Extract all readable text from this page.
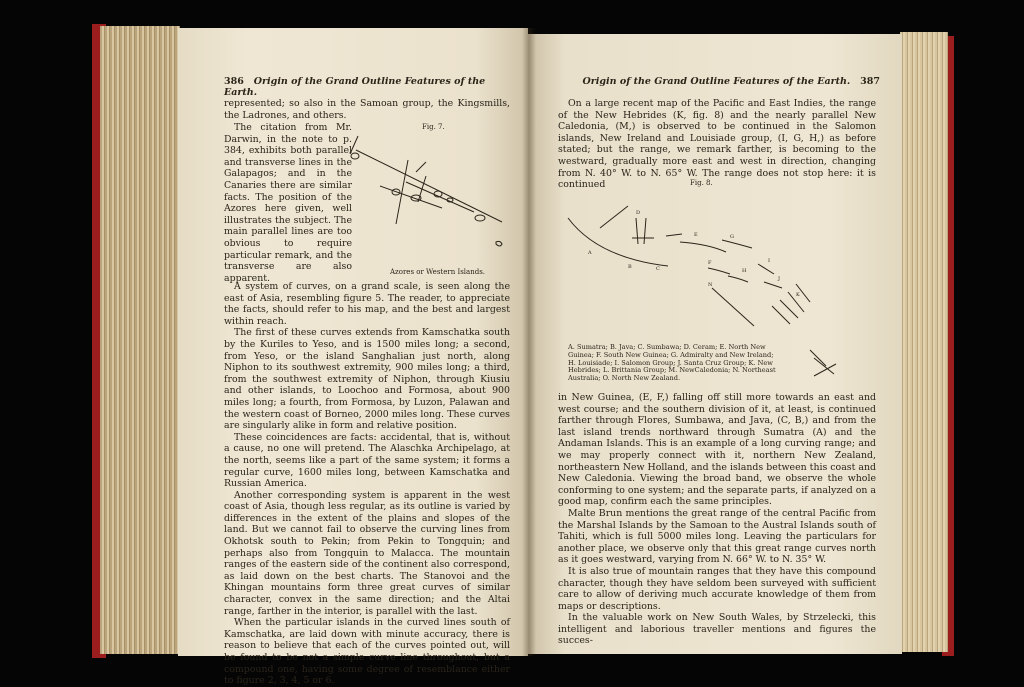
386 Origin of the Grand Outline Features of the Earth.

represented; so also in the Samoan group, the Kingsmills, the Ladrones, and others.

The citation from Mr. Darwin, in the note to p. 384, exhibits both parallel and transverse lines in the Galapagos; and in the Canaries there are similar facts. The position of the Azores here given, well illustrates the subject. The main parallel lines are too obvious to require particular remark, and the transverse are also apparent.

Fig. 7.
Azores or Western Islands.

A system of curves, on a grand scale, is seen along the east of Asia, resembling figure 5. The reader, to appreciate the facts, should refer to his map, and the best and largest within reach.

The first of these curves extends from Kamschatka south by the Kuriles to Yeso, and is 1500 miles long; a second, from Yeso, or the island Sanghalian just north, along Niphon to its southwest extremity, 900 miles long; a third, from the southwest extremity of Niphon, through Kiusiu and other islands, to Loochoo and Formosa, about 900 miles long; a fourth, from Formosa, by Luzon, Palawan and the western coast of Borneo, 2000 miles long. These curves are singularly alike in form and relative position.

These coincidences are facts: accidental, that is, without a cause, no one will pretend. The Alaschka Archipelago, at the north, seems like a part of the same system; it forms a regular curve, 1600 miles long, between Kamschatka and Russian America.

Another corresponding system is apparent in the west coast of Asia, though less regular, as its outline is varied by differences in the extent of the plains and slopes of the land. But we cannot fail to observe the curving lines from Okhotsk south to Pekin; from Pekin to Tongquin; and perhaps also from Tongquin to Malacca. The mountain ranges of the eastern side of the continent also correspond, as laid down on the best charts. The Stanovoi and the Khingan mountains form three great curves of similar character, convex in the same direction; and the Altai range, farther in the interior, is parallel with the last.

When the particular islands in the curved lines south of Kamschatka, are laid down with minute accuracy, there is reason to believe that each of the curves pointed out, will be found to be not a simple curve line throughout, but a compound one, having some degree of resemblance either to figure 2, 3, 4, 5 or 6.

Origin of the Grand Outline Features of the Earth. 387

On a large recent map of the Pacific and East Indies, the range of the New Hebrides (K, fig. 8) and the nearly parallel New Caledonia, (M,) is observed to be continued in the Salomon islands, New Ireland and Louisiade group, (I, G, H,) as before stated; but the range, we remark farther, is becoming to the westward, gradually more east and west in direction, changing from N. 40° W. to N. 65° W. The range does not stop here: it is continued	Fig. 8.
A
B	C
D
E
F
G
H
I
J
K
N
A. Sumatra; B. Java; C. Sumbawa; D. Ceram; E. North New Guinea; F. South New Guinea; G. Admiralty and New Ireland; H. Louisiade; I. Salomon Group; J. Santa Cruz Group; K. New Hebrides; L. Brittania Group; M. NewCaledonia; N. Northeast Australia; O. North New Zealand.

in New Guinea, (E, F,) falling off still more towards an east and west course; and the southern division of it, at least, is continued farther through Flores, Sumbawa, and Java, (C, B,) and from the last island trends northward through Sumatra (A) and the Andaman Islands. This is an example of a long curving range; and we may properly connect with it, northern New Zealand, northeastern New Holland, and the islands between this coast and New Caledonia. Viewing the broad band, we observe the whole conforming to one system; and the separate parts, if analyzed on a good map, confirm each the same principles.

Malte Brun mentions the great range of the central Pacific from the Marshal Islands by the Samoan to the Austral Islands south of Tahiti, which is full 5000 miles long. Leaving the particulars for another place, we observe only that this great range curves north as it goes westward, varying from N. 66° W. to N. 35° W.

It is also true of mountain ranges that they have this compound character, though they have seldom been surveyed with sufficient care to allow of deriving much accurate knowledge of them from maps or descriptions.

In the valuable work on New South Wales, by Strzelecki, this intelligent and laborious traveller mentions and figures the succes-
